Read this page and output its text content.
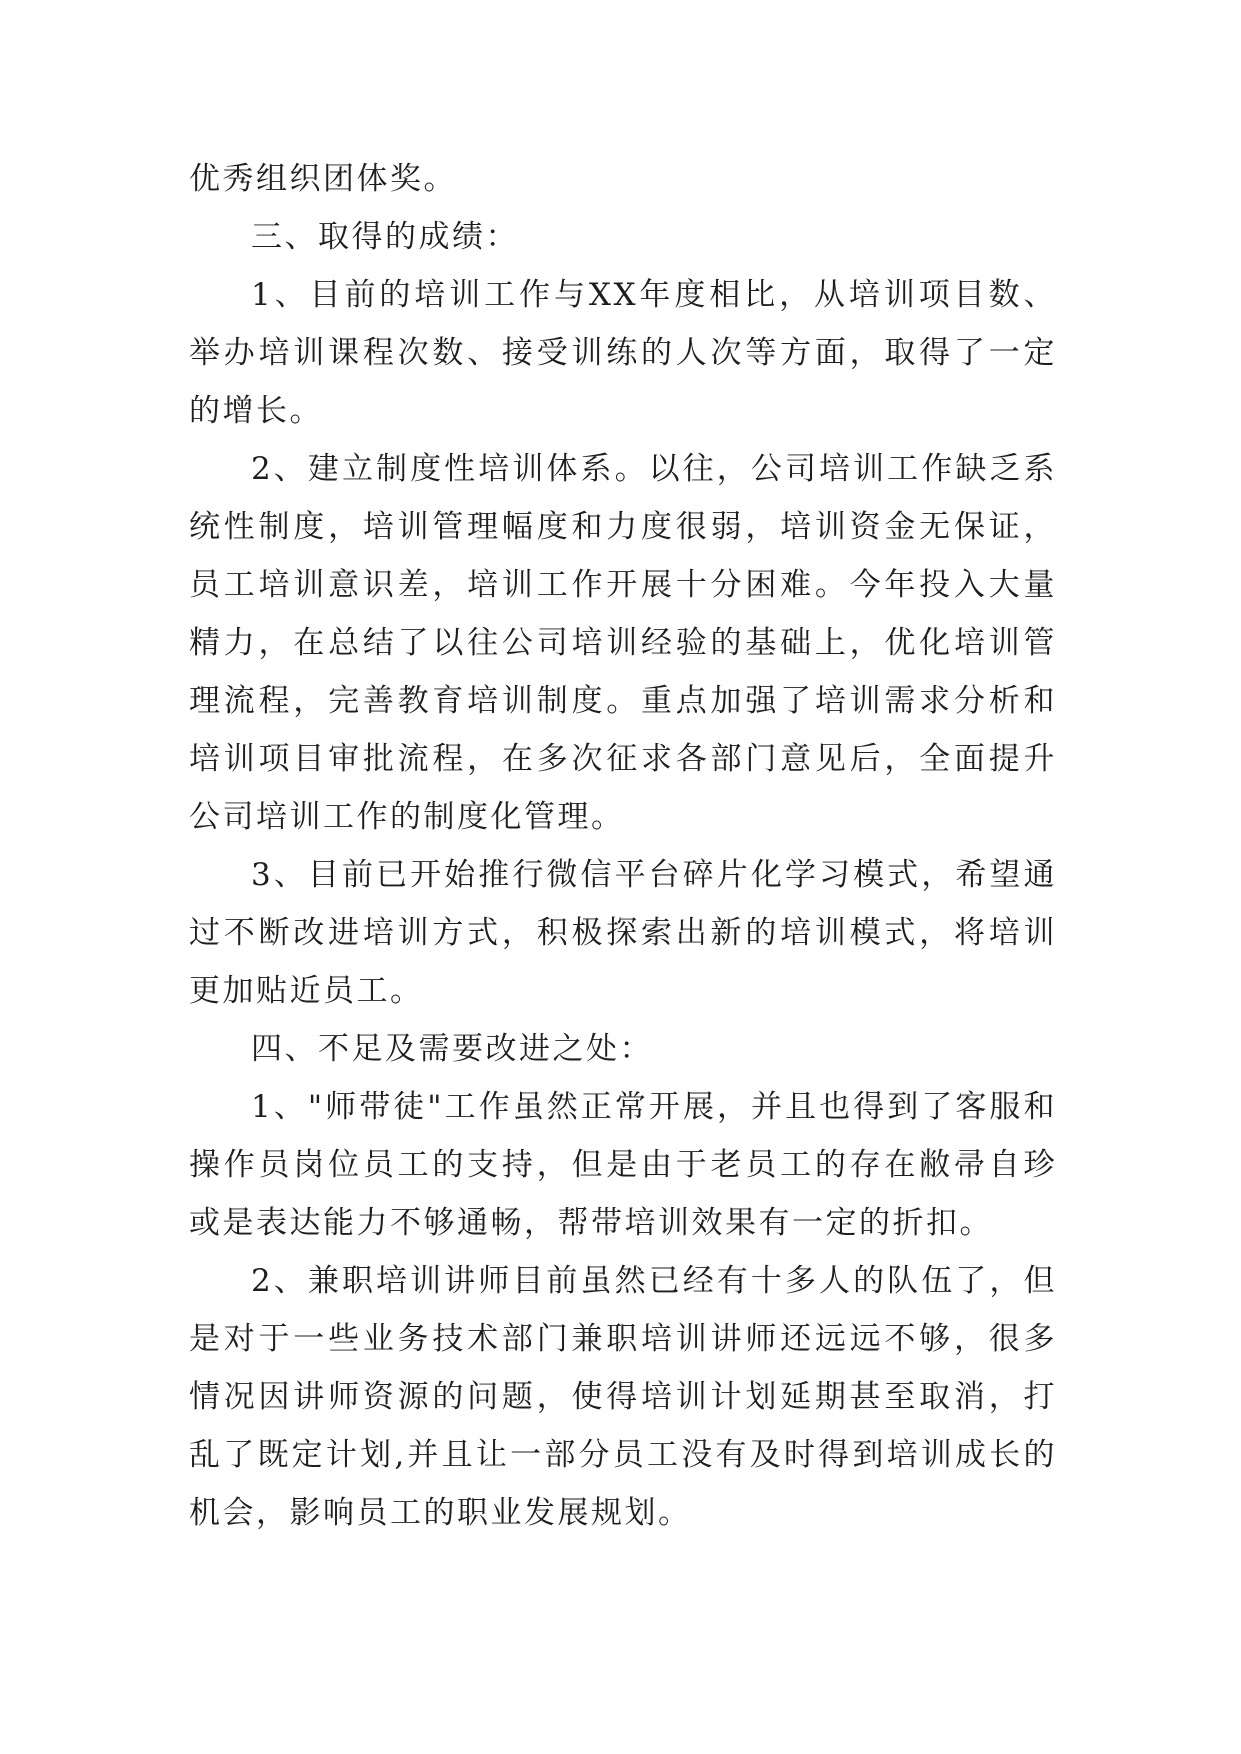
优秀组织团体奖。

三、取得的成绩：

1、目前的培训工作与XX年度相比，从培训项目数、举办培训课程次数、接受训练的人次等方面，取得了一定的增长。

2、建立制度性培训体系。以往，公司培训工作缺乏系统性制度，培训管理幅度和力度很弱，培训资金无保证，员工培训意识差，培训工作开展十分困难。今年投入大量精力，在总结了以往公司培训经验的基础上，优化培训管理流程，完善教育培训制度。重点加强了培训需求分析和培训项目审批流程，在多次征求各部门意见后，全面提升公司培训工作的制度化管理。

3、目前已开始推行微信平台碎片化学习模式，希望通过不断改进培训方式，积极探索出新的培训模式，将培训更加贴近员工。

四、不足及需要改进之处：

1、"师带徒"工作虽然正常开展，并且也得到了客服和操作员岗位员工的支持，但是由于老员工的存在敝帚自珍或是表达能力不够通畅，帮带培训效果有一定的折扣。

2、兼职培训讲师目前虽然已经有十多人的队伍了，但是对于一些业务技术部门兼职培训讲师还远远不够，很多情况因讲师资源的问题，使得培训计划延期甚至取消，打乱了既定计划,并且让一部分员工没有及时得到培训成长的机会，影响员工的职业发展规划。
